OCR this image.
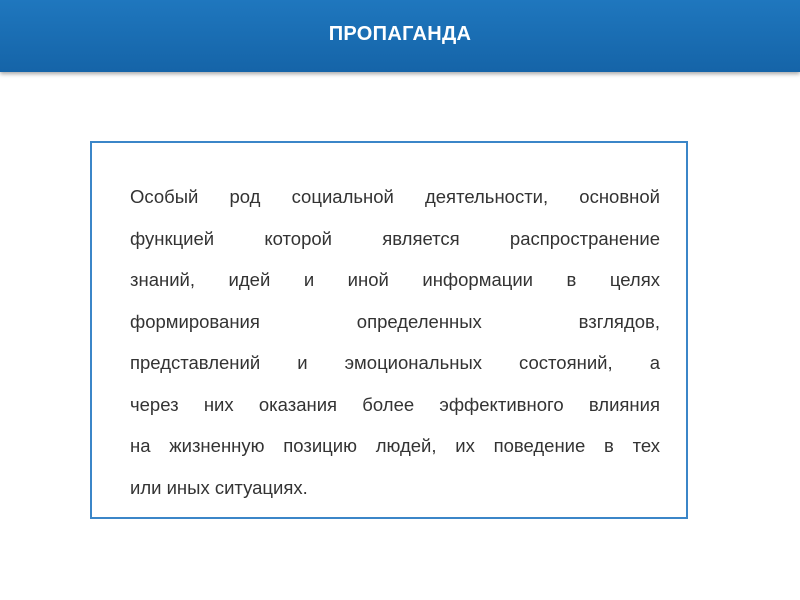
ПРОПАГАНДА
Особый род социальной деятельности, основной
функцией которой является распространение
знаний, идей и иной информации в целях
формирования определенных взглядов,
представлений и эмоциональных состояний, а
через них оказания более эффективного влияния
на жизненную позицию людей, их поведение в тех
или иных ситуациях.
